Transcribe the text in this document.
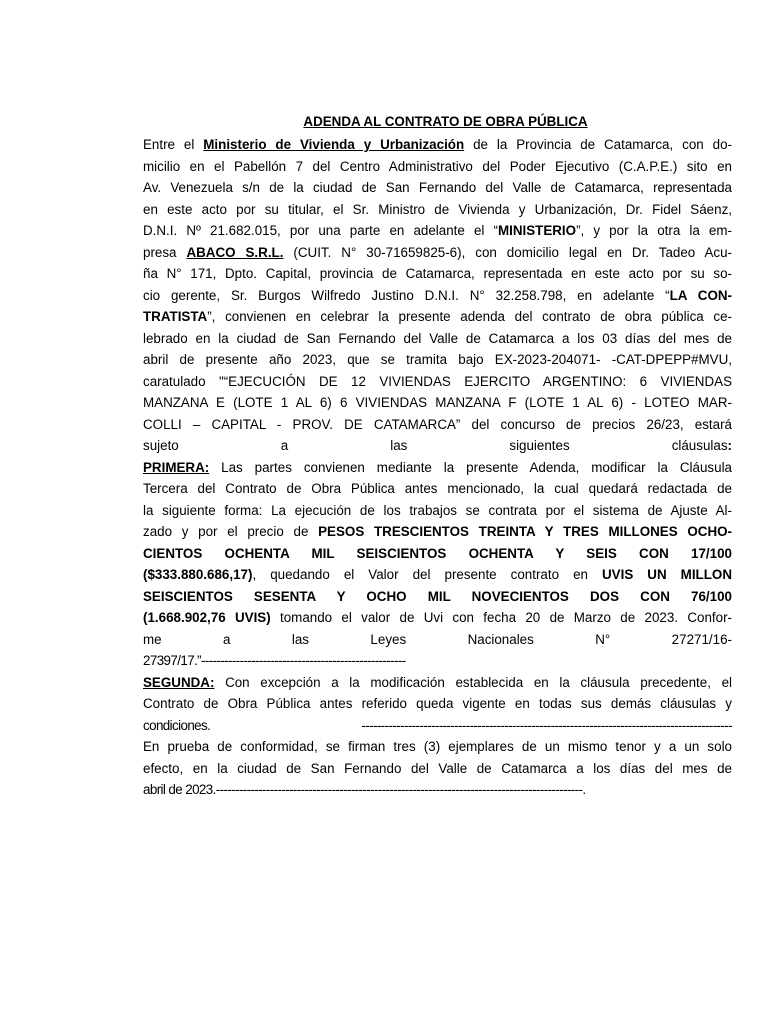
ADENDA AL CONTRATO DE OBRA PÚBLICA
Entre el Ministerio de Vivienda y Urbanización de la Provincia de Catamarca, con do-
micilio en el Pabellón 7 del Centro Administrativo del Poder Ejecutivo (C.A.P.E.) sito en
Av. Venezuela s/n de la ciudad de San Fernando del Valle de Catamarca, representada
en este acto por su titular, el Sr. Ministro de Vivienda y Urbanización, Dr. Fidel Sáenz,
D.N.I. Nº 21.682.015, por una parte en adelante el “MINISTERIO”, y por la otra la em-
presa ABACO S.R.L. (CUIT. N° 30-71659825-6), con domicilio legal en Dr. Tadeo Acu-
ña N° 171, Dpto. Capital, provincia de Catamarca, representada en este acto por su so-
cio gerente, Sr. Burgos Wilfredo Justino D.N.I. N° 32.258.798, en adelante “LA CON-
TRATISTA”, convienen en celebrar la presente adenda del contrato de obra pública ce-
lebrado en la ciudad de San Fernando del Valle de Catamarca a los 03 días del mes de
abril de presente año 2023, que se tramita bajo EX-2023-204071- -CAT-DPEPP#MVU,
caratulado "“EJECUCIÓN DE 12 VIVIENDAS EJERCITO ARGENTINO: 6 VIVIENDAS
MANZANA E (LOTE 1 AL 6) 6 VIVIENDAS MANZANA F (LOTE 1 AL 6) - LOTEO MAR-
COLLI – CAPITAL - PROV. DE CATAMARCA” del concurso de precios 26/23, estará
sujeto a las siguientes cláusulas:
PRIMERA: Las partes convienen mediante la presente Adenda, modificar la Cláusula
Tercera del Contrato de Obra Pública antes mencionado, la cual quedará redactada de
la siguiente forma: La ejecución de los trabajos se contrata por el sistema de Ajuste Al-
zado y por el precio de PESOS TRESCIENTOS TREINTA Y TRES MILLONES OCHO-
CIENTOS OCHENTA MIL SEISCIENTOS OCHENTA Y SEIS CON 17/100
($333.880.686,17), quedando el Valor del presente contrato en UVIS UN MILLON
SEISCIENTOS SESENTA Y OCHO MIL NOVECIENTOS DOS CON 76/100
(1.668.902,76 UVIS) tomando el valor de Uvi con fecha 20 de Marzo de 2023. Confor-
me a las Leyes Nacionales N° 27271/16-
27397/17.”-----------------------------------------------------
SEGUNDA: Con excepción a la modificación establecida en la cláusula precedente, el
Contrato de Obra Pública antes referido queda vigente en todas sus demás cláusulas y
condiciones. ------------------------------------------------------------------------------------------------
En prueba de conformidad, se firman tres (3) ejemplares de un mismo tenor y a un solo
efecto, en la ciudad de San Fernando del Valle de Catamarca a los días del mes de
abril de 2023.-----------------------------------------------------------------------------------------------.
